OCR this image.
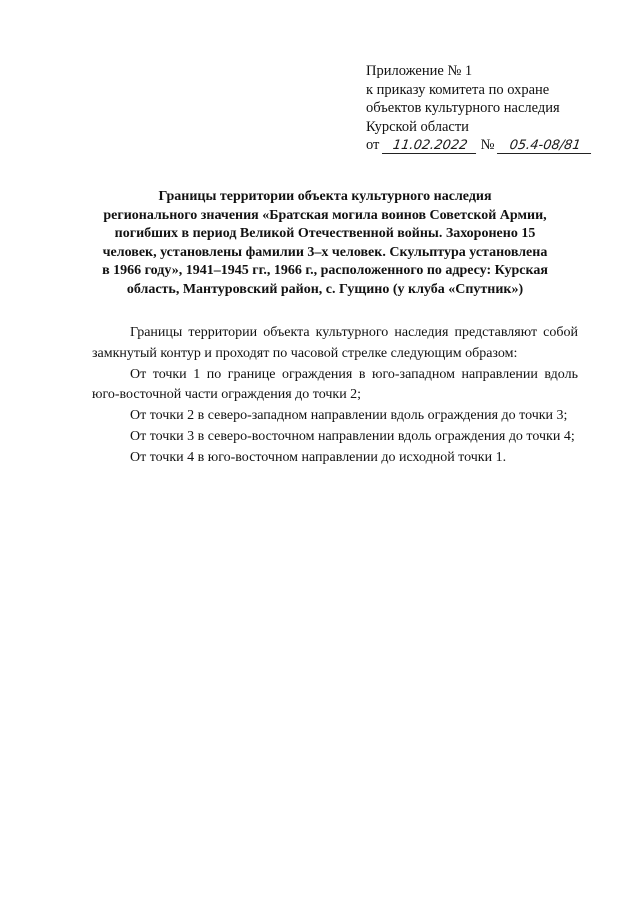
Приложение № 1
к приказу комитета по охране
объектов культурного наследия
Курской области
от 11.02.2022 № 05.4-08/81
Границы территории объекта культурного наследия
регионального значения «Братская могила воинов Советской Армии,
погибших в период Великой Отечественной войны. Захоронено 15
человек, установлены фамилии 3–х человек. Скульптура установлена
в 1966 году», 1941–1945 гг., 1966 г., расположенного по адресу: Курская
область, Мантуровский район, с. Гущино (у клуба «Спутник»)

Границы территории объекта культурного наследия представляют собой замкнутый контур и проходят по часовой стрелке следующим образом:

От точки 1 по границе ограждения в юго-западном направлении вдоль юго-восточной части ограждения до точки 2;

От точки 2 в северо-западном направлении вдоль ограждения до точки 3;

От точки 3 в северо-восточном направлении вдоль ограждения до точки 4;

От точки 4 в юго-восточном направлении до исходной точки 1.
